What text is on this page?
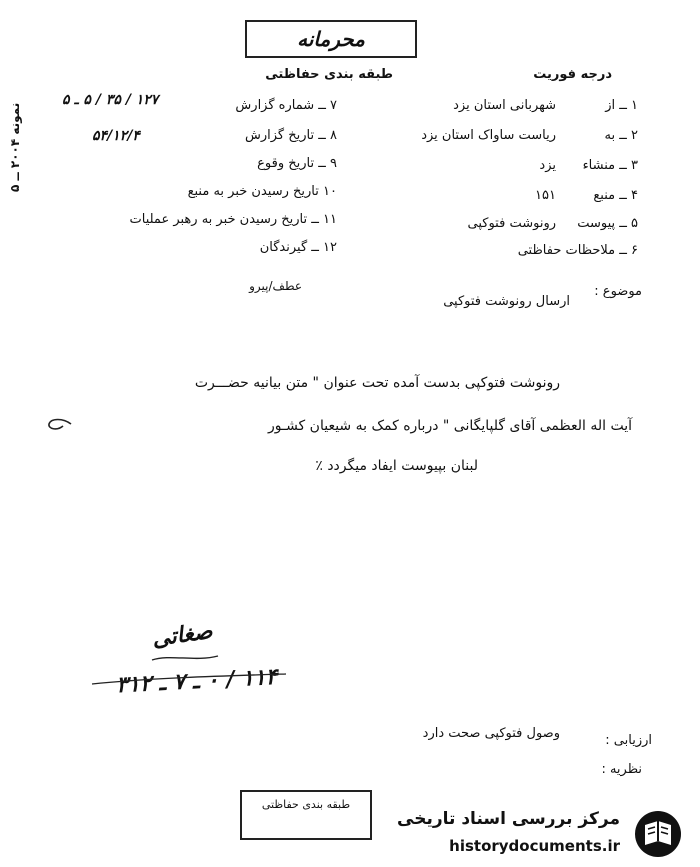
محرمانه
طبقه بندی حفاظتی	درجه فوریت
۱ ــ از
شهربانی استان یزد
۲ ــ به
ریاست ساواک استان یزد
۳ ــ منشاء
یزد
۴ ــ منبع
۱۵۱
۵ ــ پیوست
رونوشت فتوکپی
۶ ــ ملاحظات حفاظتی
۷ ــ شماره گزارش
۱۲۷ / ۳۵ / ۵ ـ ۵
۸ ــ تاریخ گزارش
۵۴/۱۲/۴
۹ ــ تاریخ وقوع
۱۰ تاریخ رسیدن خبر به منبع
۱۱ ــ تاریخ رسیدن خبر به رهبر عملیات
۱۲ ــ گیرندگان
نمونه ۲۰۰۴ ــ ۵
موضوع :
عطف/پیرو
ارسال رونوشت فتوکپی
رونوشت فتوکپی بدست آمده تحت عنوان " متن بیانیه حضـــرت
آیت اله العظمی آقای گلپایگانی " درباره کمک به شیعیان کشـور
لبنان بپیوست ایفاد میگردد ٪
صغاتی
۱۱۴ / ۰ ـ ۷ ـ ۳۱۲
ارزیابی :
وصول فتوکپی صحت دارد
نظریه :
طبقه بندی حفاظتی
مرکز بررسی اسناد تاریخی
historydocuments.ir
